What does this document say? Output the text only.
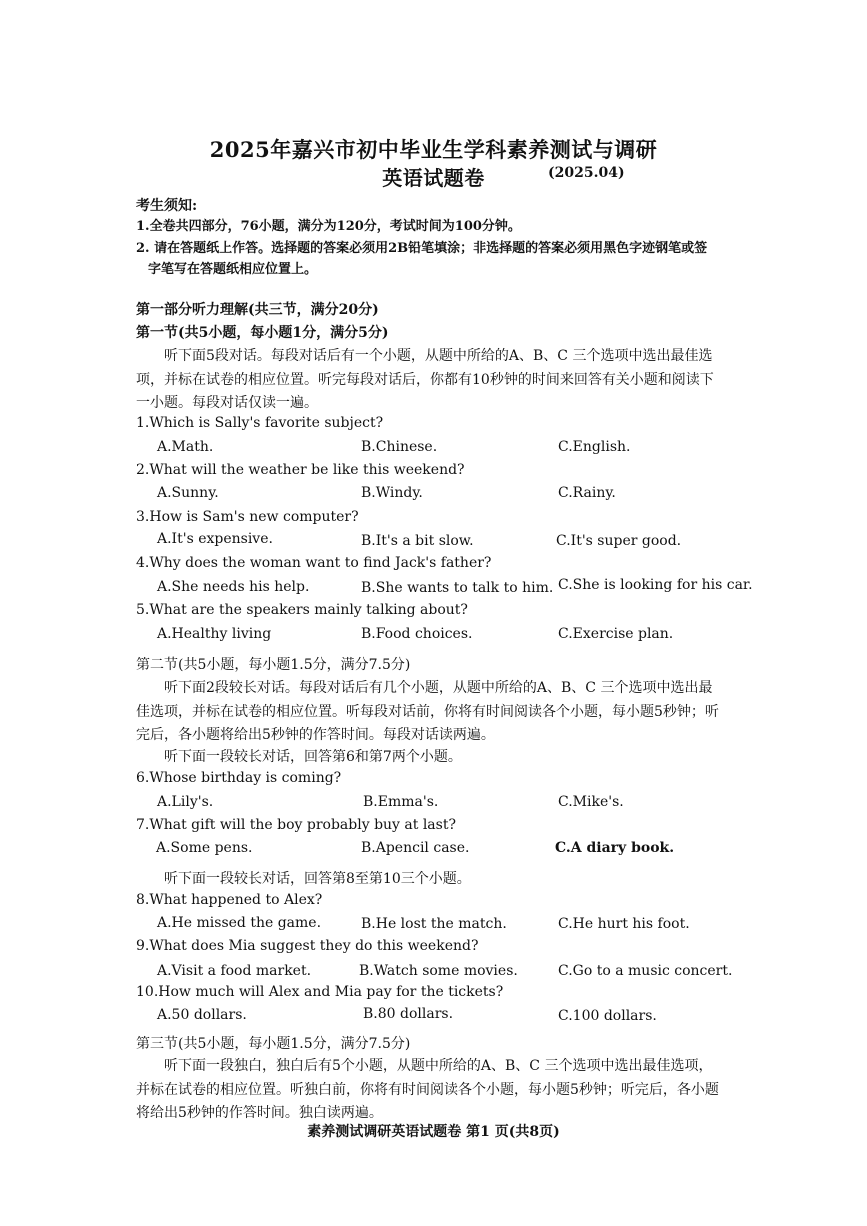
2025年嘉兴市初中毕业生学科素养测试与调研
英语试题卷	(2025.04)
考生须知:
1.全卷共四部分，76小题，满分为120分，考试时间为100分钟。
2. 请在答题纸上作答。选择题的答案必须用2B铅笔填涂；非选择题的答案必须用黑色字迹钢笔或签
字笔写在答题纸相应位置上。
第一部分听力理解(共三节，满分20分)
第一节(共5小题，每小题1分，满分5分)
听下面5段对话。每段对话后有一个小题，从题中所给的A、B、C 三个选项中选出最佳选
项，并标在试卷的相应位置。听完每段对话后，你都有10秒钟的时间来回答有关小题和阅读下
一小题。每段对话仅读一遍。
1.Which is Sally's favorite subject?
A.Math.	B.Chinese.	C.English.
2.What will the weather be like this weekend?
A.Sunny.	B.Windy.	C.Rainy.
3.How is Sam's new computer?
A.It's expensive.	B.It's a bit slow.	C.It's super good.
4.Why does the woman want to find Jack's father?
A.She needs his help.	B.She wants to talk to him. C.She is looking for his car.
5.What are the speakers mainly talking about?
A.Healthy living	B.Food choices.	C.Exercise plan.
第二节(共5小题，每小题1.5分，满分7.5分)
听下面2段较长对话。每段对话后有几个小题，从题中所给的A、B、C 三个选项中选出最
佳选项，并标在试卷的相应位置。听每段对话前，你将有时间阅读各个小题，每小题5秒钟；听
完后，各小题将给出5秒钟的作答时间。每段对话读两遍。
听下面一段较长对话，回答第6和第7两个小题。
6.Whose birthday is coming?
A.Lily's.	B.Emma's.	C.Mike's.
7.What gift will the boy probably buy at last?
A.Some pens.	B.Apencil case.	C.A diary book.
听下面一段较长对话，回答第8至第10三个小题。
8.What happened to Alex?
A.He missed the game.	B.He lost the match.	C.He hurt his foot.
9.What does Mia suggest they do this weekend?
A.Visit a food market.	B.Watch some movies.	C.Go to a music concert.
10.How much will Alex and Mia pay for the tickets?
A.50 dollars.	B.80 dollars.	C.100 dollars.
第三节(共5小题，每小题1.5分，满分7.5分)
听下面一段独白，独白后有5个小题，从题中所给的A、B、C 三个选项中选出最佳选项，
并标在试卷的相应位置。听独白前，你将有时间阅读各个小题，每小题5秒钟；听完后，各小题
将给出5秒钟的作答时间。独白读两遍。
素养测试调研英语试题卷 第1 页(共8页)
